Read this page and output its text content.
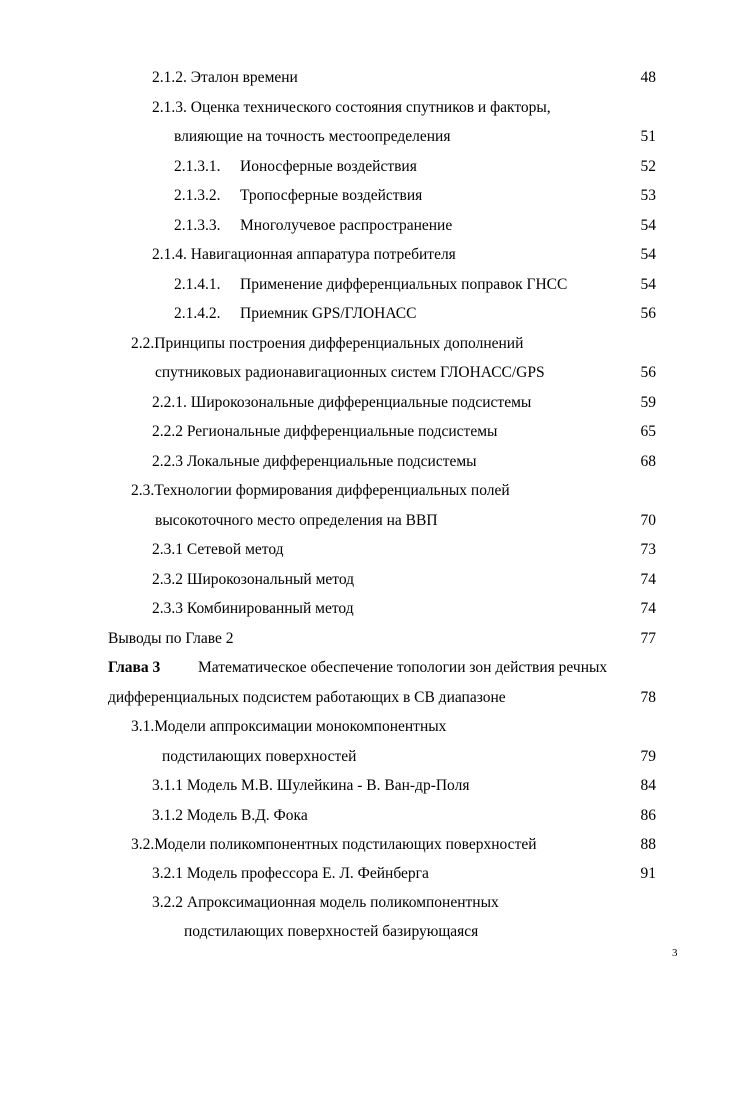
2.1.2. Эталон времени	48
2.1.3. Оценка технического состояния спутников и факторы,
влияющие на точность местоопределения	51
2.1.3.1. Ионосферные воздействия	52
2.1.3.2. Тропосферные воздействия	53
2.1.3.3. Многолучевое распространение	54
2.1.4. Навигационная аппаратура потребителя	54
2.1.4.1. Применение дифференциальных поправок ГНСС	54
2.1.4.2. Приемник GPS/ГЛОНАСС	56
2.2.Принципы построения дифференциальных дополнений
спутниковых радионавигационных систем ГЛОНАСС/GPS	56
2.2.1. Широкозональные дифференциальные подсистемы	59
2.2.2 Региональные дифференциальные подсистемы	65
2.2.3 Локальные дифференциальные подсистемы	68
2.3.Технологии формирования дифференциальных полей
высокоточного место определения на ВВП	70
2.3.1 Сетевой метод	73
2.3.2 Широкозональный метод	74
2.3.3 Комбинированный метод	74
Выводы по Главе 2	77
Глава 3 Математическое обеспечение топологии зон действия речных
дифференциальных подсистем работающих в СВ диапазоне	78
3.1.Модели аппроксимации монокомпонентных
подстилающих поверхностей	79
3.1.1 Модель М.В. Шулейкина - В. Ван-др-Поля	84
3.1.2 Модель В.Д. Фока	86
3.2.Модели поликомпонентных подстилающих поверхностей	88
3.2.1 Модель профессора Е. Л. Фейнберга	91
3.2.2 Апроксимационная модель поликомпонентных
подстилающих поверхностей базирующаяся
3
